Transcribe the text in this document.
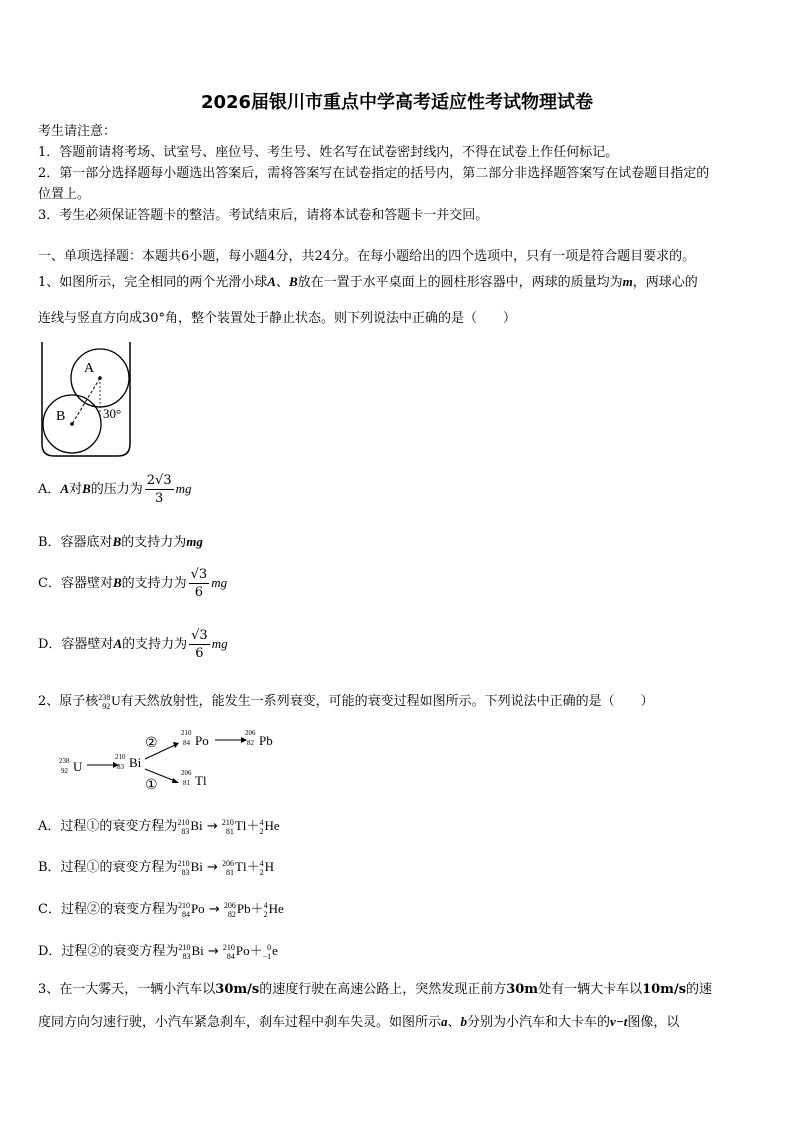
2026届银川市重点中学高考适应性考试物理试卷
考生请注意：
1．答题前请将考场、试室号、座位号、考生号、姓名写在试卷密封线内，不得在试卷上作任何标记。
2．第一部分选择题每小题选出答案后，需将答案写在试卷指定的括号内，第二部分非选择题答案写在试卷题目指定的
位置上。
3．考生必须保证答题卡的整洁。考试结束后，请将本试卷和答题卡一并交回。
一、单项选择题：本题共6小题，每小题4分，共24分。在每小题给出的四个选项中，只有一项是符合题目要求的。
1、如图所示，完全相同的两个光滑小球A、B放在一置于水平桌面上的圆柱形容器中，两球的质量均为m，两球心的
连线与竖直方向成30°角，整个装置处于静止状态。则下列说法中正确的是（　　）
A
B	30°
A．A对B的压力为 $\frac{2√3}{3}$ mg
B．容器底对B的支持力为mg
C．容器壁对B的支持力为 $\frac{√3}{6}$ mg
D．容器壁对A的支持力为 $\frac{√3}{6}$ mg
2、原子核 238
92 U有天然放射性，能发生一系列衰变，可能的衰变过程如图所示。下列说法中正确的是（　　）
238
92 U
210
83 Bi
②
①
210
84 Po	206
82 Pb
206
81 Tl
A．过程①的衰变方程为 210
83 Bi → 210
81 Tl＋ 4
2 He
B．过程①的衰变方程为 210
83 Bi → 206
81 Tl＋ 4
2 H
C．过程②的衰变方程为 210
84 Po → 206
82 Pb＋ 4
2 He
D．过程②的衰变方程为 210
83 Bi → 210
84 Po＋ 0
−1 e
3、在一大雾天，一辆小汽车以30m/s的速度行驶在高速公路上，突然发现正前方30m处有一辆大卡车以10m/s的速
度同方向匀速行驶，小汽车紧急刹车，刹车过程中刹车失灵。如图所示a、b分别为小汽车和大卡车的v−t图像，以
